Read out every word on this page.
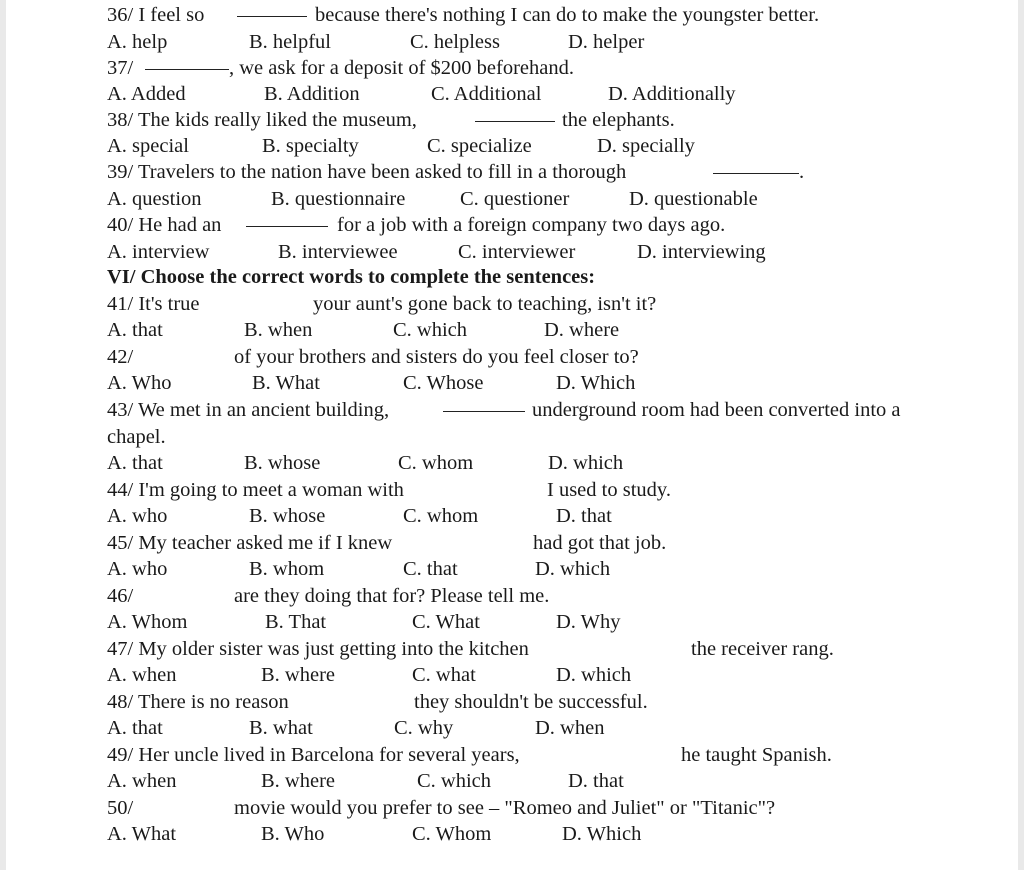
36/ I feel so	because there's nothing I can do to make the youngster better.
A. help	B. helpful	C. helpless	D. helper
37/	, we ask for a deposit of $200 beforehand.
A. Added	B. Addition	C. Additional	D. Additionally
38/ The kids really liked the museum,	the elephants.
A. special	B. specialty	C. specialize	D. specially
39/ Travelers to the nation have been asked to fill in a thorough	.
A. question	B. questionnaire	C. questioner	D. questionable
40/ He had an	for a job with a foreign company two days ago.
A. interview	B. interviewee	C. interviewer	D. interviewing
VI/ Choose the correct words to complete the sentences:
41/ It's true	your aunt's gone back to teaching, isn't it?
A. that	B. when	C. which	D. where
42/	of your brothers and sisters do you feel closer to?
A. Who	B. What	C. Whose	D. Which
43/ We met in an ancient building,	underground room had been converted into a
chapel.
A. that	B. whose	C. whom	D. which
44/ I'm going to meet a woman with	I used to study.
A. who	B. whose	C. whom	D. that
45/ My teacher asked me if I knew	had got that job.
A. who	B. whom	C. that	D. which
46/	are they doing that for? Please tell me.
A. Whom	B. That	C. What	D. Why
47/ My older sister was just getting into the kitchen	the receiver rang.
A. when	B. where	C. what	D. which
48/ There is no reason	they shouldn't be successful.
A. that	B. what	C. why	D. when
49/ Her uncle lived in Barcelona for several years,	he taught Spanish.
A. when	B. where	C. which	D. that
50/	movie would you prefer to see – "Romeo and Juliet" or "Titanic"?
A. What	B. Who	C. Whom	D. Which
